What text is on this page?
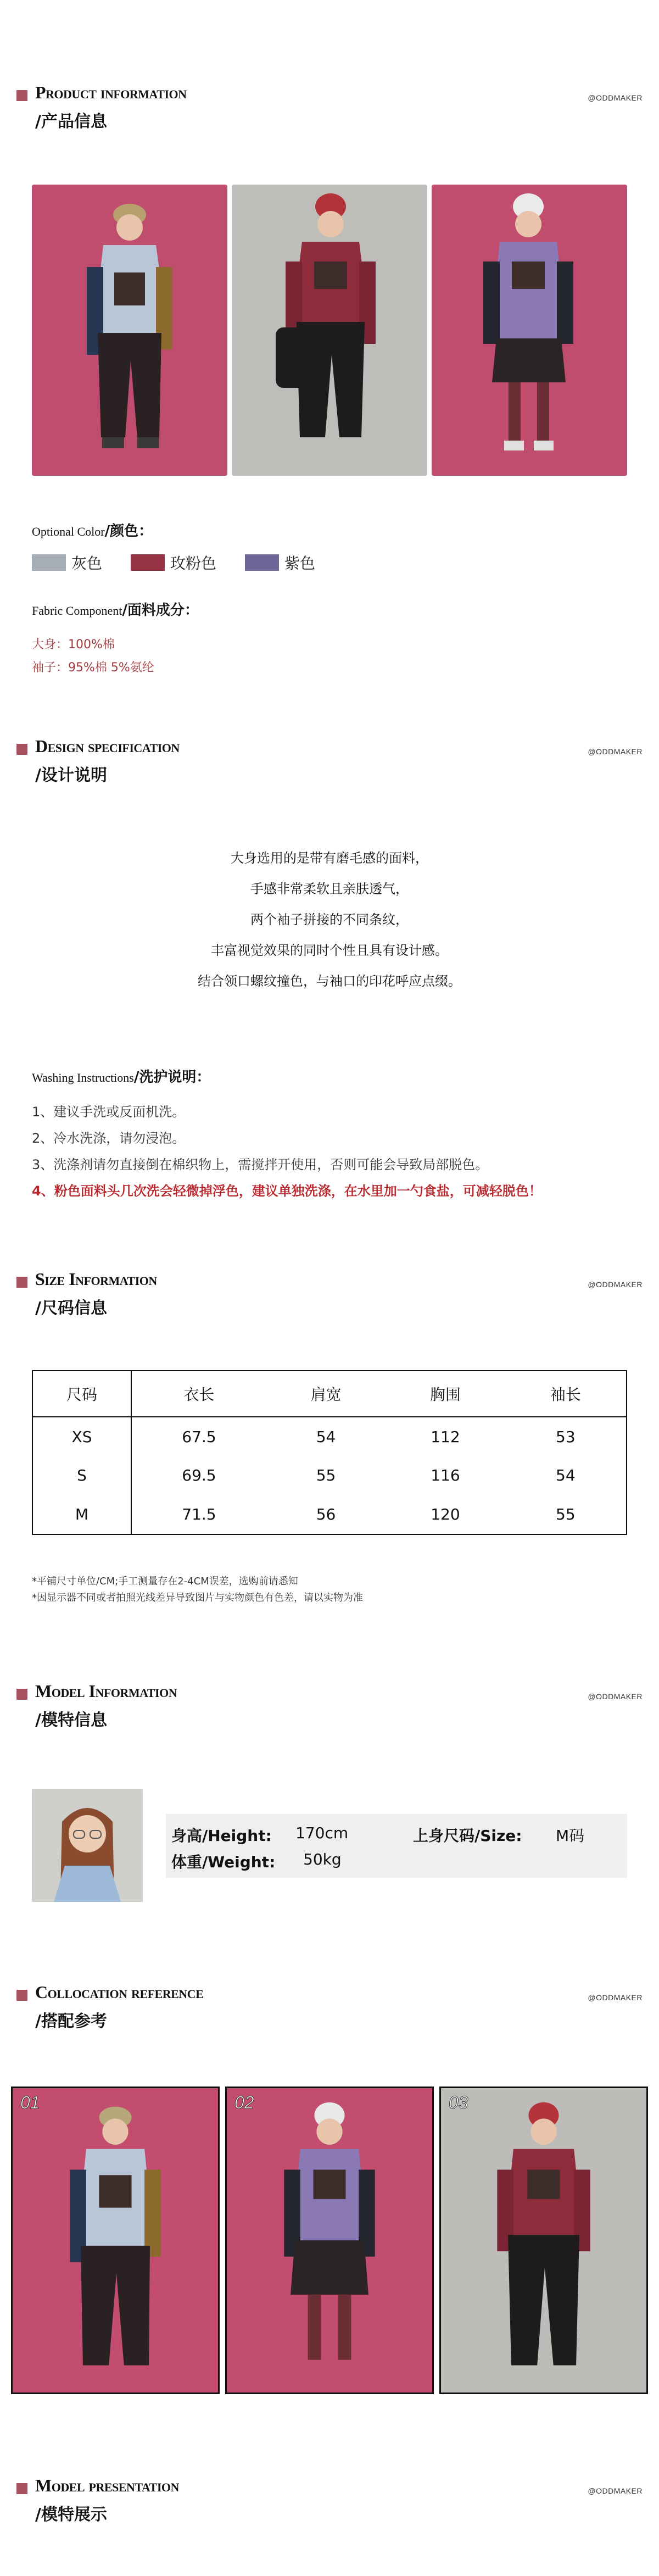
Product information
/产品信息
@ODDMAKER
Optional Color/颜色：
灰色	玫粉色	紫色
Fabric Component/面料成分：
大身：100%棉
袖子：95%棉 5%氨纶
Design specification
/设计说明
@ODDMAKER
大身选用的是带有磨毛感的面料，
手感非常柔软且亲肤透气，
两个袖子拼接的不同条纹，
丰富视觉效果的同时个性且具有设计感。
结合领口螺纹撞色，与袖口的印花呼应点缀。
Washing Instructions/洗护说明：
1、建议手洗或反面机洗。
2、冷水洗涤，请勿浸泡。
3、洗涤剂请勿直接倒在棉织物上，需搅拌开使用，否则可能会导致局部脱色。
4、粉色面料头几次洗会轻微掉浮色，建议单独洗涤，在水里加一勺食盐，可减轻脱色！
Size Information
/尺码信息
@ODDMAKER
尺码	衣长	肩宽	胸围	袖长
XS	67.5	54	112	53
S	69.5	55	116	54
M	71.5	56	120	55
*平铺尺寸单位/CM;手工测量存在2-4CM误差，选购前请悉知
*因显示器不同或者拍照光线差异导致图片与实物颜色有色差，请以实物为准
Model Information
/模特信息
@ODDMAKER
身高/Height: 170cm
体重/Weight: 50kg
上身尺码/Size: M码
Collocation reference
/搭配参考
@ODDMAKER
01	02	03
Model presentation
/模特展示
@ODDMAKER
